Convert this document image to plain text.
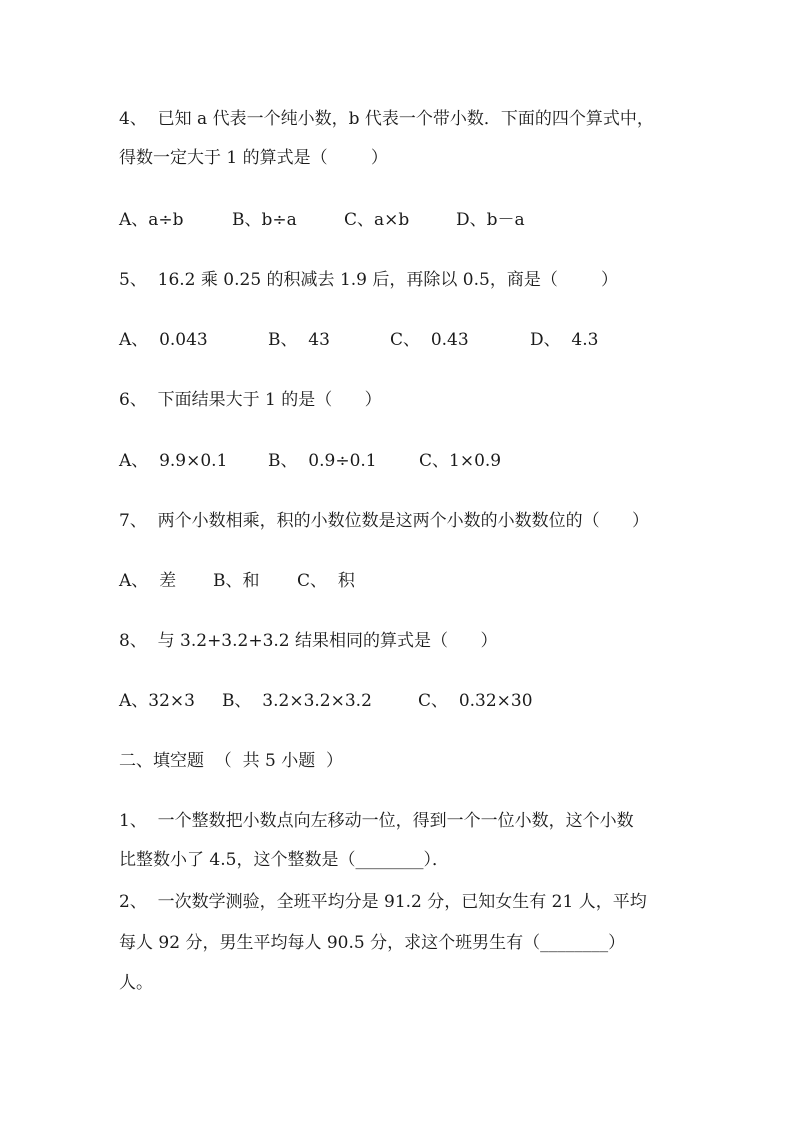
4、  已知 a 代表一个纯小数，b 代表一个带小数．下面的四个算式中，
得数一定大于 1 的算式是（        ）
A、a÷b	B、b÷a	C、a×b	D、b－a
5、  16.2 乘 0.25 的积减去 1.9 后，再除以 0.5，商是（        ）
A、  0.043	B、  43	C、  0.43	D、  4.3
6、  下面结果大于 1 的是（      ）
A、  9.9×0.1 B、  0.9÷0.1 C、1×0.9
7、  两个小数相乘，积的小数位数是这两个小数的小数数位的（      ）
A、  差 B、和 C、  积
8、  与 3.2+3.2+3.2 结果相同的算式是（      ）
A、32×3 B、  3.2×3.2×3.2	C、  0.32×30
二、填空题  （  共 5 小题  ）
1、  一个整数把小数点向左移动一位，得到一个一位小数，这个小数
比整数小了 4.5，这个整数是（________）．
2、  一次数学测验，全班平均分是 91.2 分，已知女生有 21 人，平均
每人 92 分，男生平均每人 90.5 分，求这个班男生有（________）
人。
